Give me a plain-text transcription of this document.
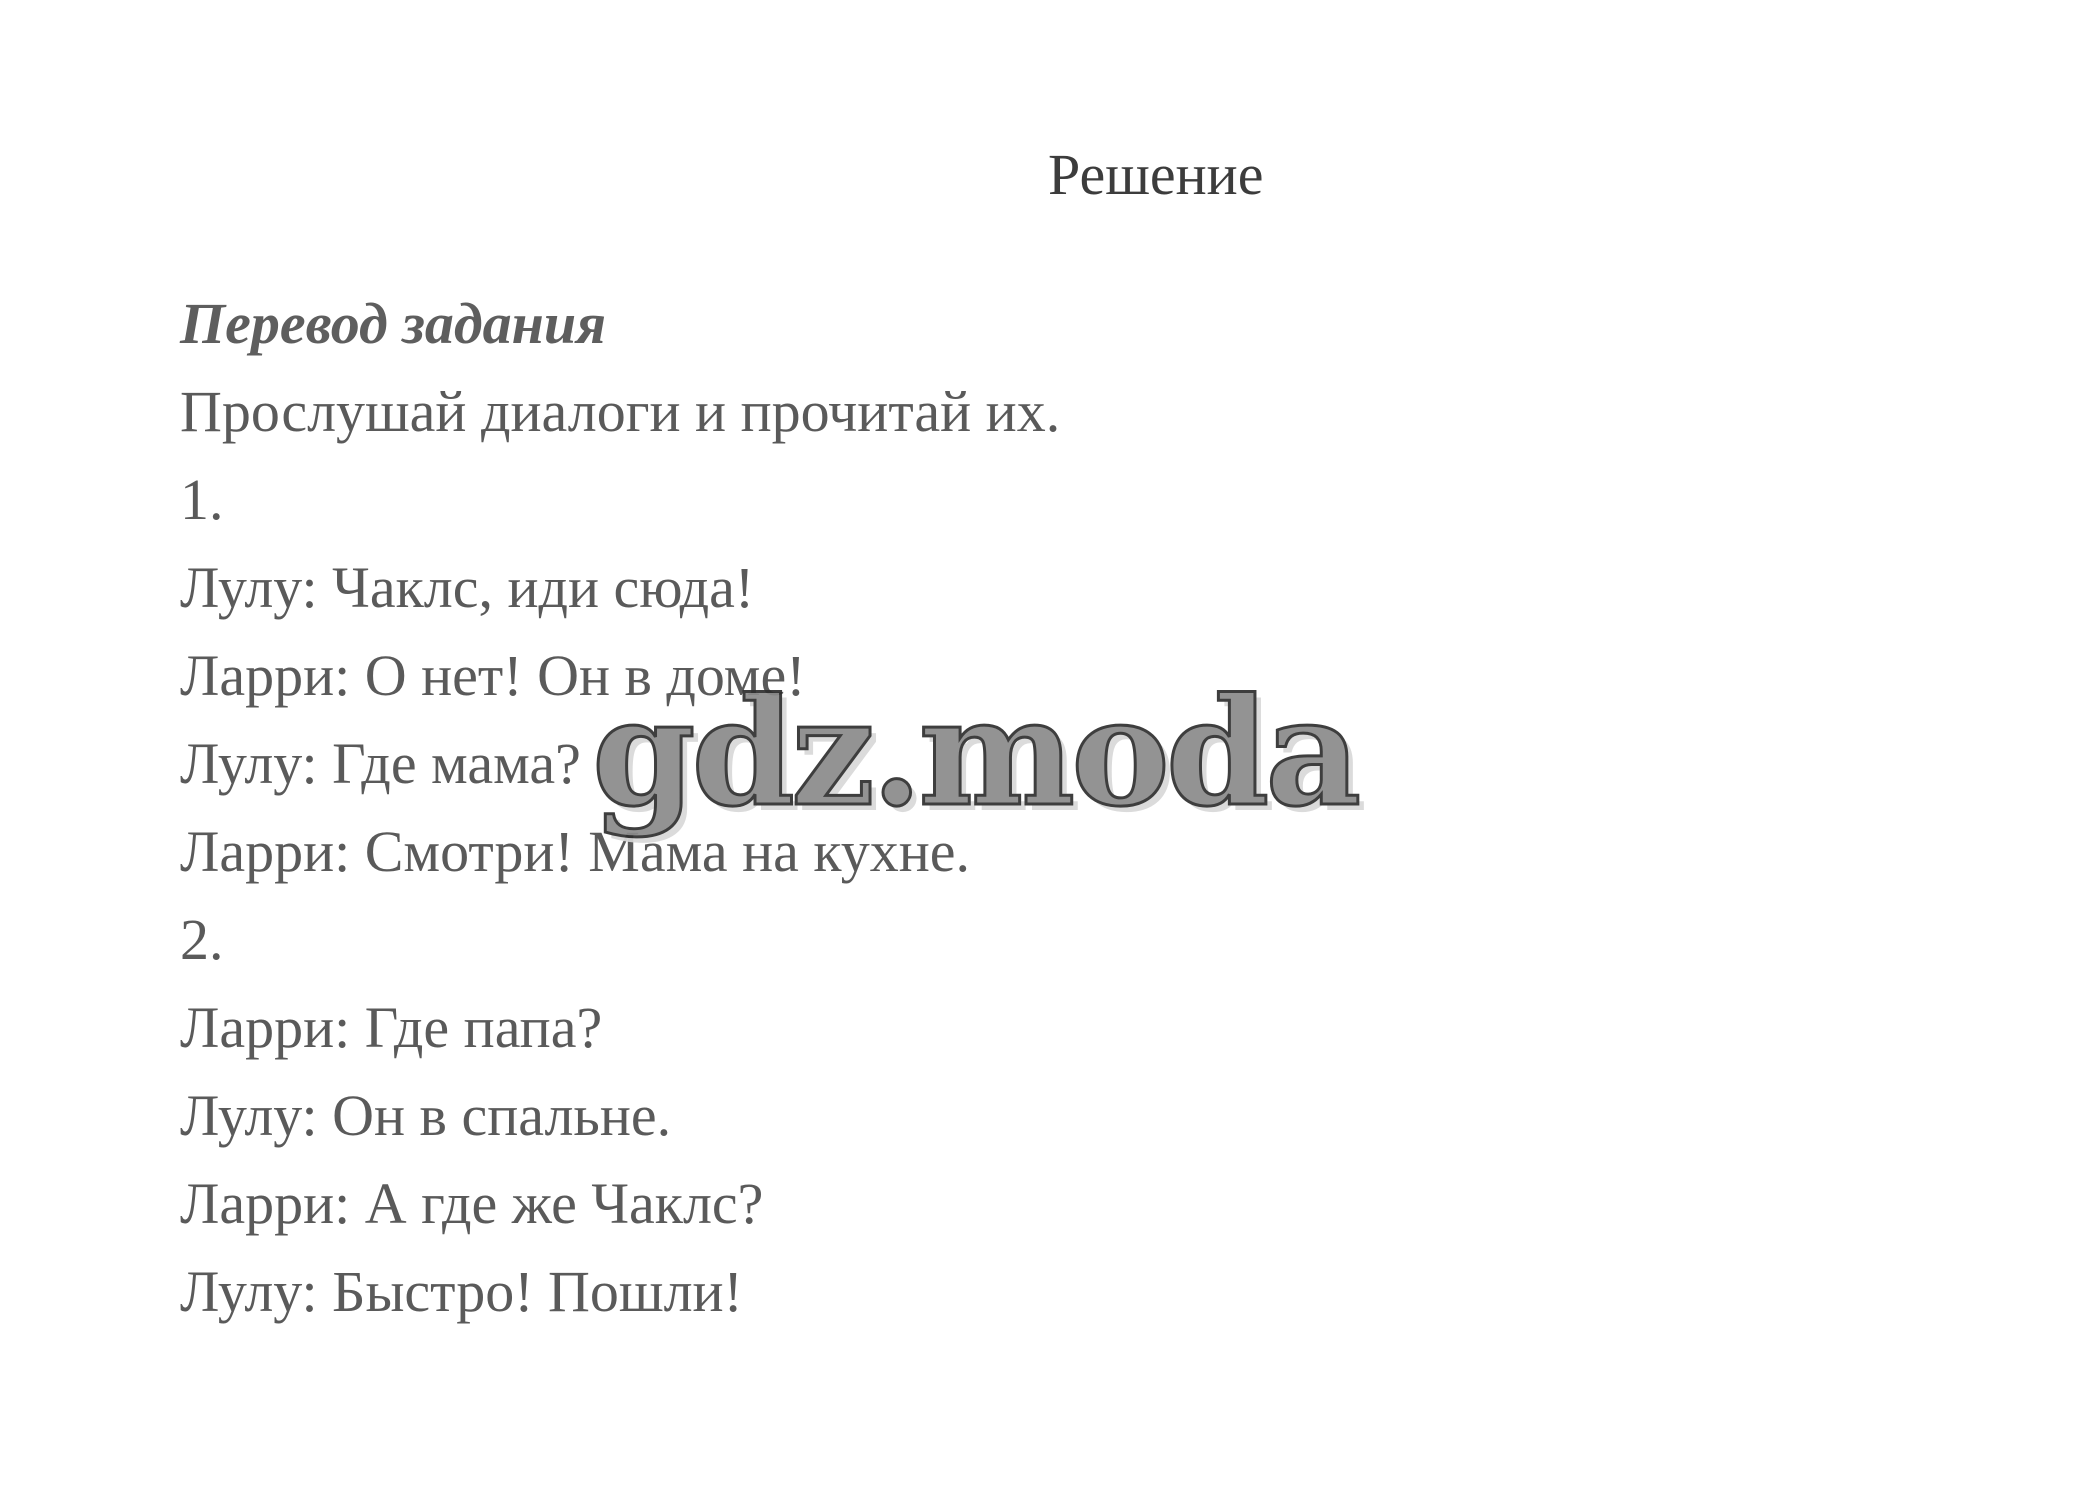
Решение
Перевод задания
Прослушай диалоги и прочитай их.
1.
Лулу: Чаклс, иди сюда!
Ларри: О нет! Он в доме!
Лулу: Где мама?
Ларри: Смотри! Мама на кухне.
2.
Ларри: Где папа?
Лулу: Он в спальне.
Ларри: А где же Чаклс?
Лулу: Быстро! Пошли!
gdz.moda
